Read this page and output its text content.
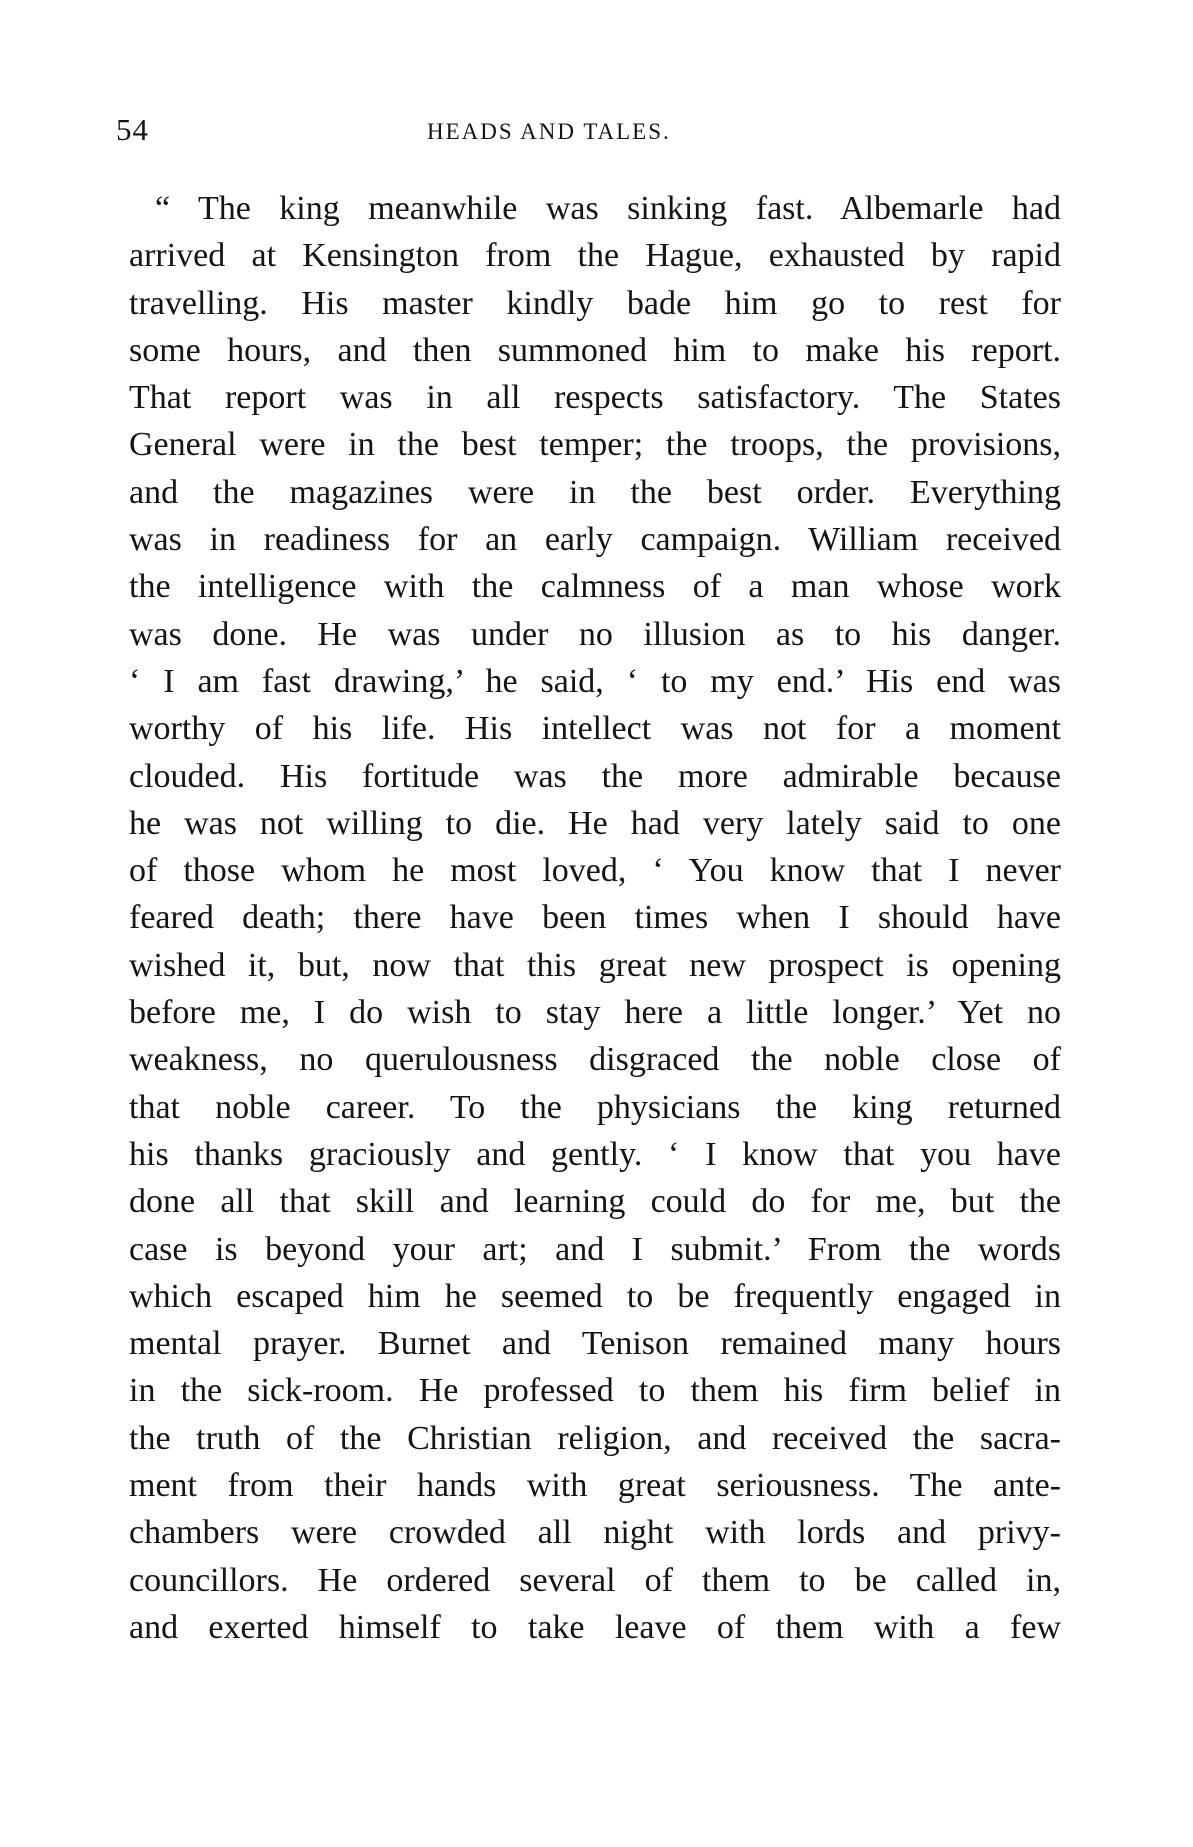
54	HEADS AND TALES.
“ The king meanwhile was sinking fast. Albemarle had
arrived at Kensington from the Hague, exhausted by rapid
travelling. His master kindly bade him go to rest for
some hours, and then summoned him to make his report.
That report was in all respects satisfactory. The States
General were in the best temper; the troops, the provisions,
and the magazines were in the best order. Everything
was in readiness for an early campaign. William received
the intelligence with the calmness of a man whose work
was done. He was under no illusion as to his danger.
‘ I am fast drawing,’ he said, ‘ to my end.’ His end was
worthy of his life. His intellect was not for a moment
clouded. His fortitude was the more admirable because
he was not willing to die. He had very lately said to one
of those whom he most loved, ‘ You know that I never
feared death; there have been times when I should have
wished it, but, now that this great new prospect is opening
before me, I do wish to stay here a little longer.’ Yet no
weakness, no querulousness disgraced the noble close of
that noble career. To the physicians the king returned
his thanks graciously and gently. ‘ I know that you have
done all that skill and learning could do for me, but the
case is beyond your art; and I submit.’ From the words
which escaped him he seemed to be frequently engaged in
mental prayer. Burnet and Tenison remained many hours
in the sick-room. He professed to them his firm belief in
the truth of the Christian religion, and received the sacra-
ment from their hands with great seriousness. The ante-
chambers were crowded all night with lords and privy-
councillors. He ordered several of them to be called in,
and exerted himself to take leave of them with a few
